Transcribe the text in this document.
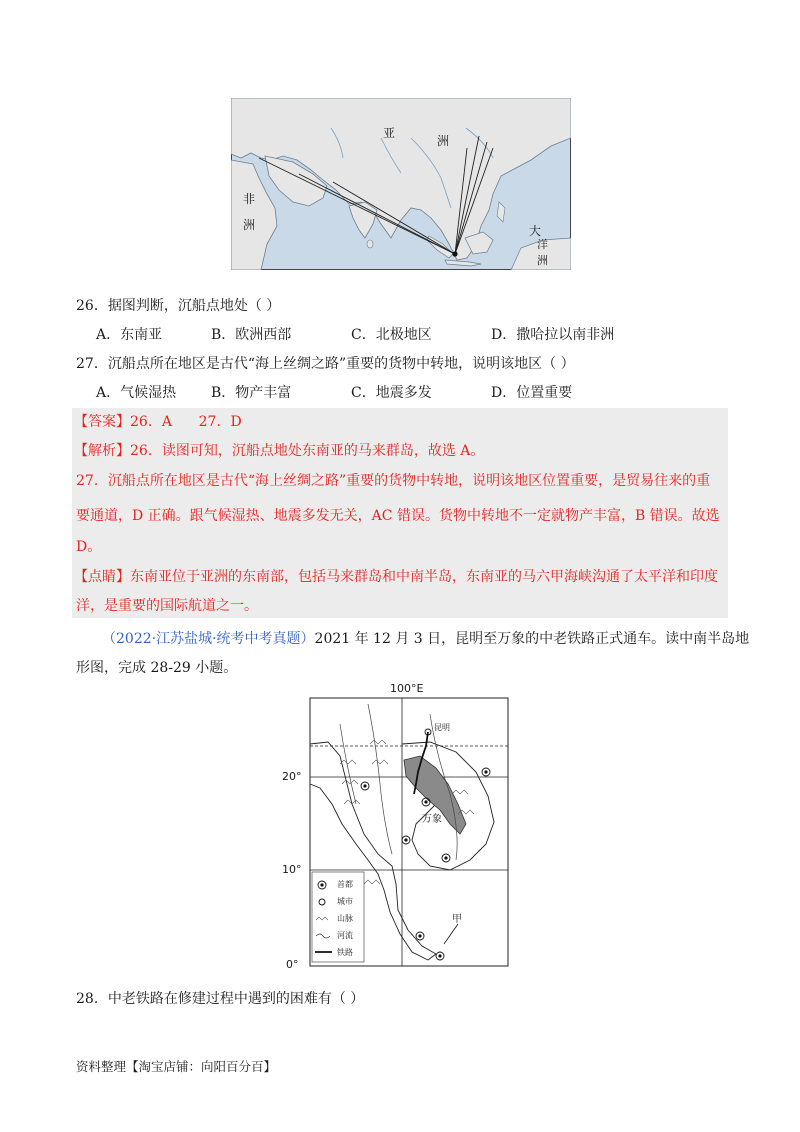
亚
洲
非
洲	大
洋
洲
26．据图判断，沉船点地处（ ）
A．东南亚	B．欧洲西部	C．北极地区	D．撒哈拉以南非洲
27．沉船点所在地区是古代“海上丝绸之路”重要的货物中转地，说明该地区（ ）
A．气候湿热 B．物产丰富	C．地震多发	D．位置重要
【答案】26．A      27．D
【解析】26．读图可知，沉船点地处东南亚的马来群岛，故选 A。
27．沉船点所在地区是古代“海上丝绸之路”重要的货物中转地，说明该地区位置重要，是贸易往来的重
要通道，D 正确。跟气候湿热、地震多发无关，AC 错误。货物中转地不一定就物产丰富，B 错误。故选
D。
【点睛】东南亚位于亚洲的东南部，包括马来群岛和中南半岛，东南亚的马六甲海峡沟通了太平洋和印度
洋，是重要的国际航道之一。
（2022·江苏盐城·统考中考真题）2021 年 12 月 3 日，昆明至万象的中老铁路正式通车。读中南半岛地
形图，完成 28-29 小题。
100°E
20°
10°
0°
昆明
万象
甲
首都
城市
山脉
河流
铁路
28．中老铁路在修建过程中遇到的困难有（ ）
资料整理【淘宝店铺：向阳百分百】
